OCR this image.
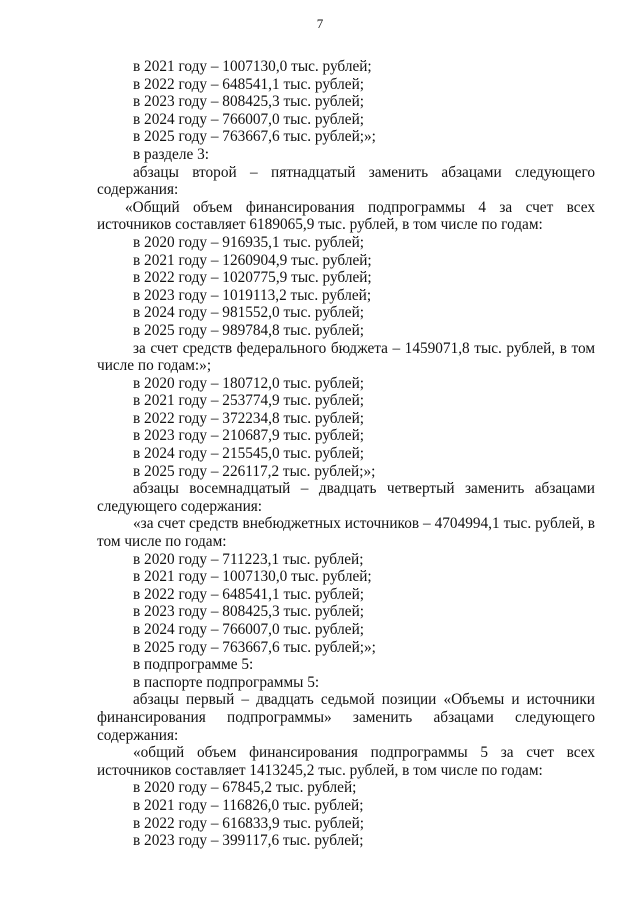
7
в 2021 году – 1007130,0 тыс. рублей;
в 2022 году – 648541,1 тыс. рублей;
в 2023 году – 808425,3 тыс. рублей;
в 2024 году – 766007,0 тыс. рублей;
в 2025 году – 763667,6 тыс. рублей;»;
в разделе 3:
абзацы второй – пятнадцатый заменить абзацами следующего
содержания:
«Общий объем финансирования подпрограммы 4 за счет всех
источников составляет 6189065,9 тыс. рублей, в том числе по годам:
в 2020 году – 916935,1 тыс. рублей;
в 2021 году – 1260904,9 тыс. рублей;
в 2022 году – 1020775,9 тыс. рублей;
в 2023 году – 1019113,2 тыс. рублей;
в 2024 году – 981552,0 тыс. рублей;
в 2025 году – 989784,8 тыс. рублей;
за счет средств федерального бюджета – 1459071,8 тыс. рублей, в том
числе по годам:»;
в 2020 году – 180712,0 тыс. рублей;
в 2021 году – 253774,9 тыс. рублей;
в 2022 году – 372234,8 тыс. рублей;
в 2023 году – 210687,9 тыс. рублей;
в 2024 году – 215545,0 тыс. рублей;
в 2025 году – 226117,2 тыс. рублей;»;
абзацы восемнадцатый – двадцать четвертый заменить абзацами
следующего содержания:
«за счет средств внебюджетных источников – 4704994,1 тыс. рублей, в
том числе по годам:
в 2020 году – 711223,1 тыс. рублей;
в 2021 году – 1007130,0 тыс. рублей;
в 2022 году – 648541,1 тыс. рублей;
в 2023 году – 808425,3 тыс. рублей;
в 2024 году – 766007,0 тыс. рублей;
в 2025 году – 763667,6 тыс. рублей;»;
в подпрограмме 5:
в паспорте подпрограммы 5:
абзацы первый – двадцать седьмой позиции «Объемы и источники
финансирования подпрограммы» заменить абзацами следующего
содержания:
«общий объем финансирования подпрограммы 5 за счет всех
источников составляет 1413245,2 тыс. рублей, в том числе по годам:
в 2020 году – 67845,2 тыс. рублей;
в 2021 году – 116826,0 тыс. рублей;
в 2022 году – 616833,9 тыс. рублей;
в 2023 году – 399117,6 тыс. рублей;
